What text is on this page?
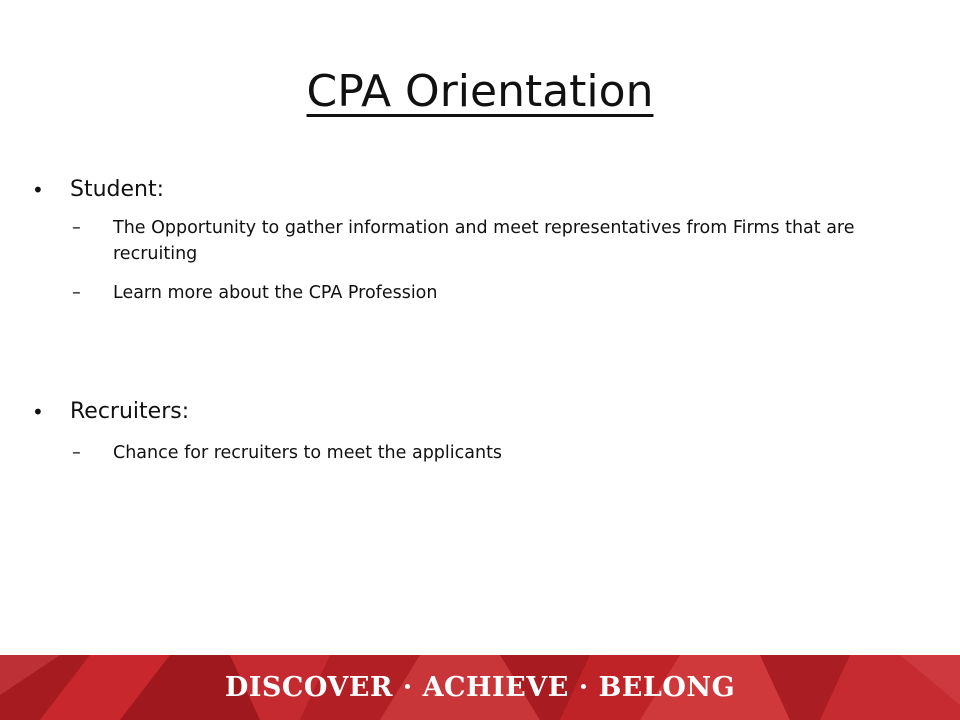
CPA Orientation
• Student:
– The Opportunity to gather information and meet representatives from Firms that are recruiting
– Learn more about the CPA Profession
• Recruiters:
– Chance for recruiters to meet the applicants
DISCOVER · ACHIEVE · BELONG
